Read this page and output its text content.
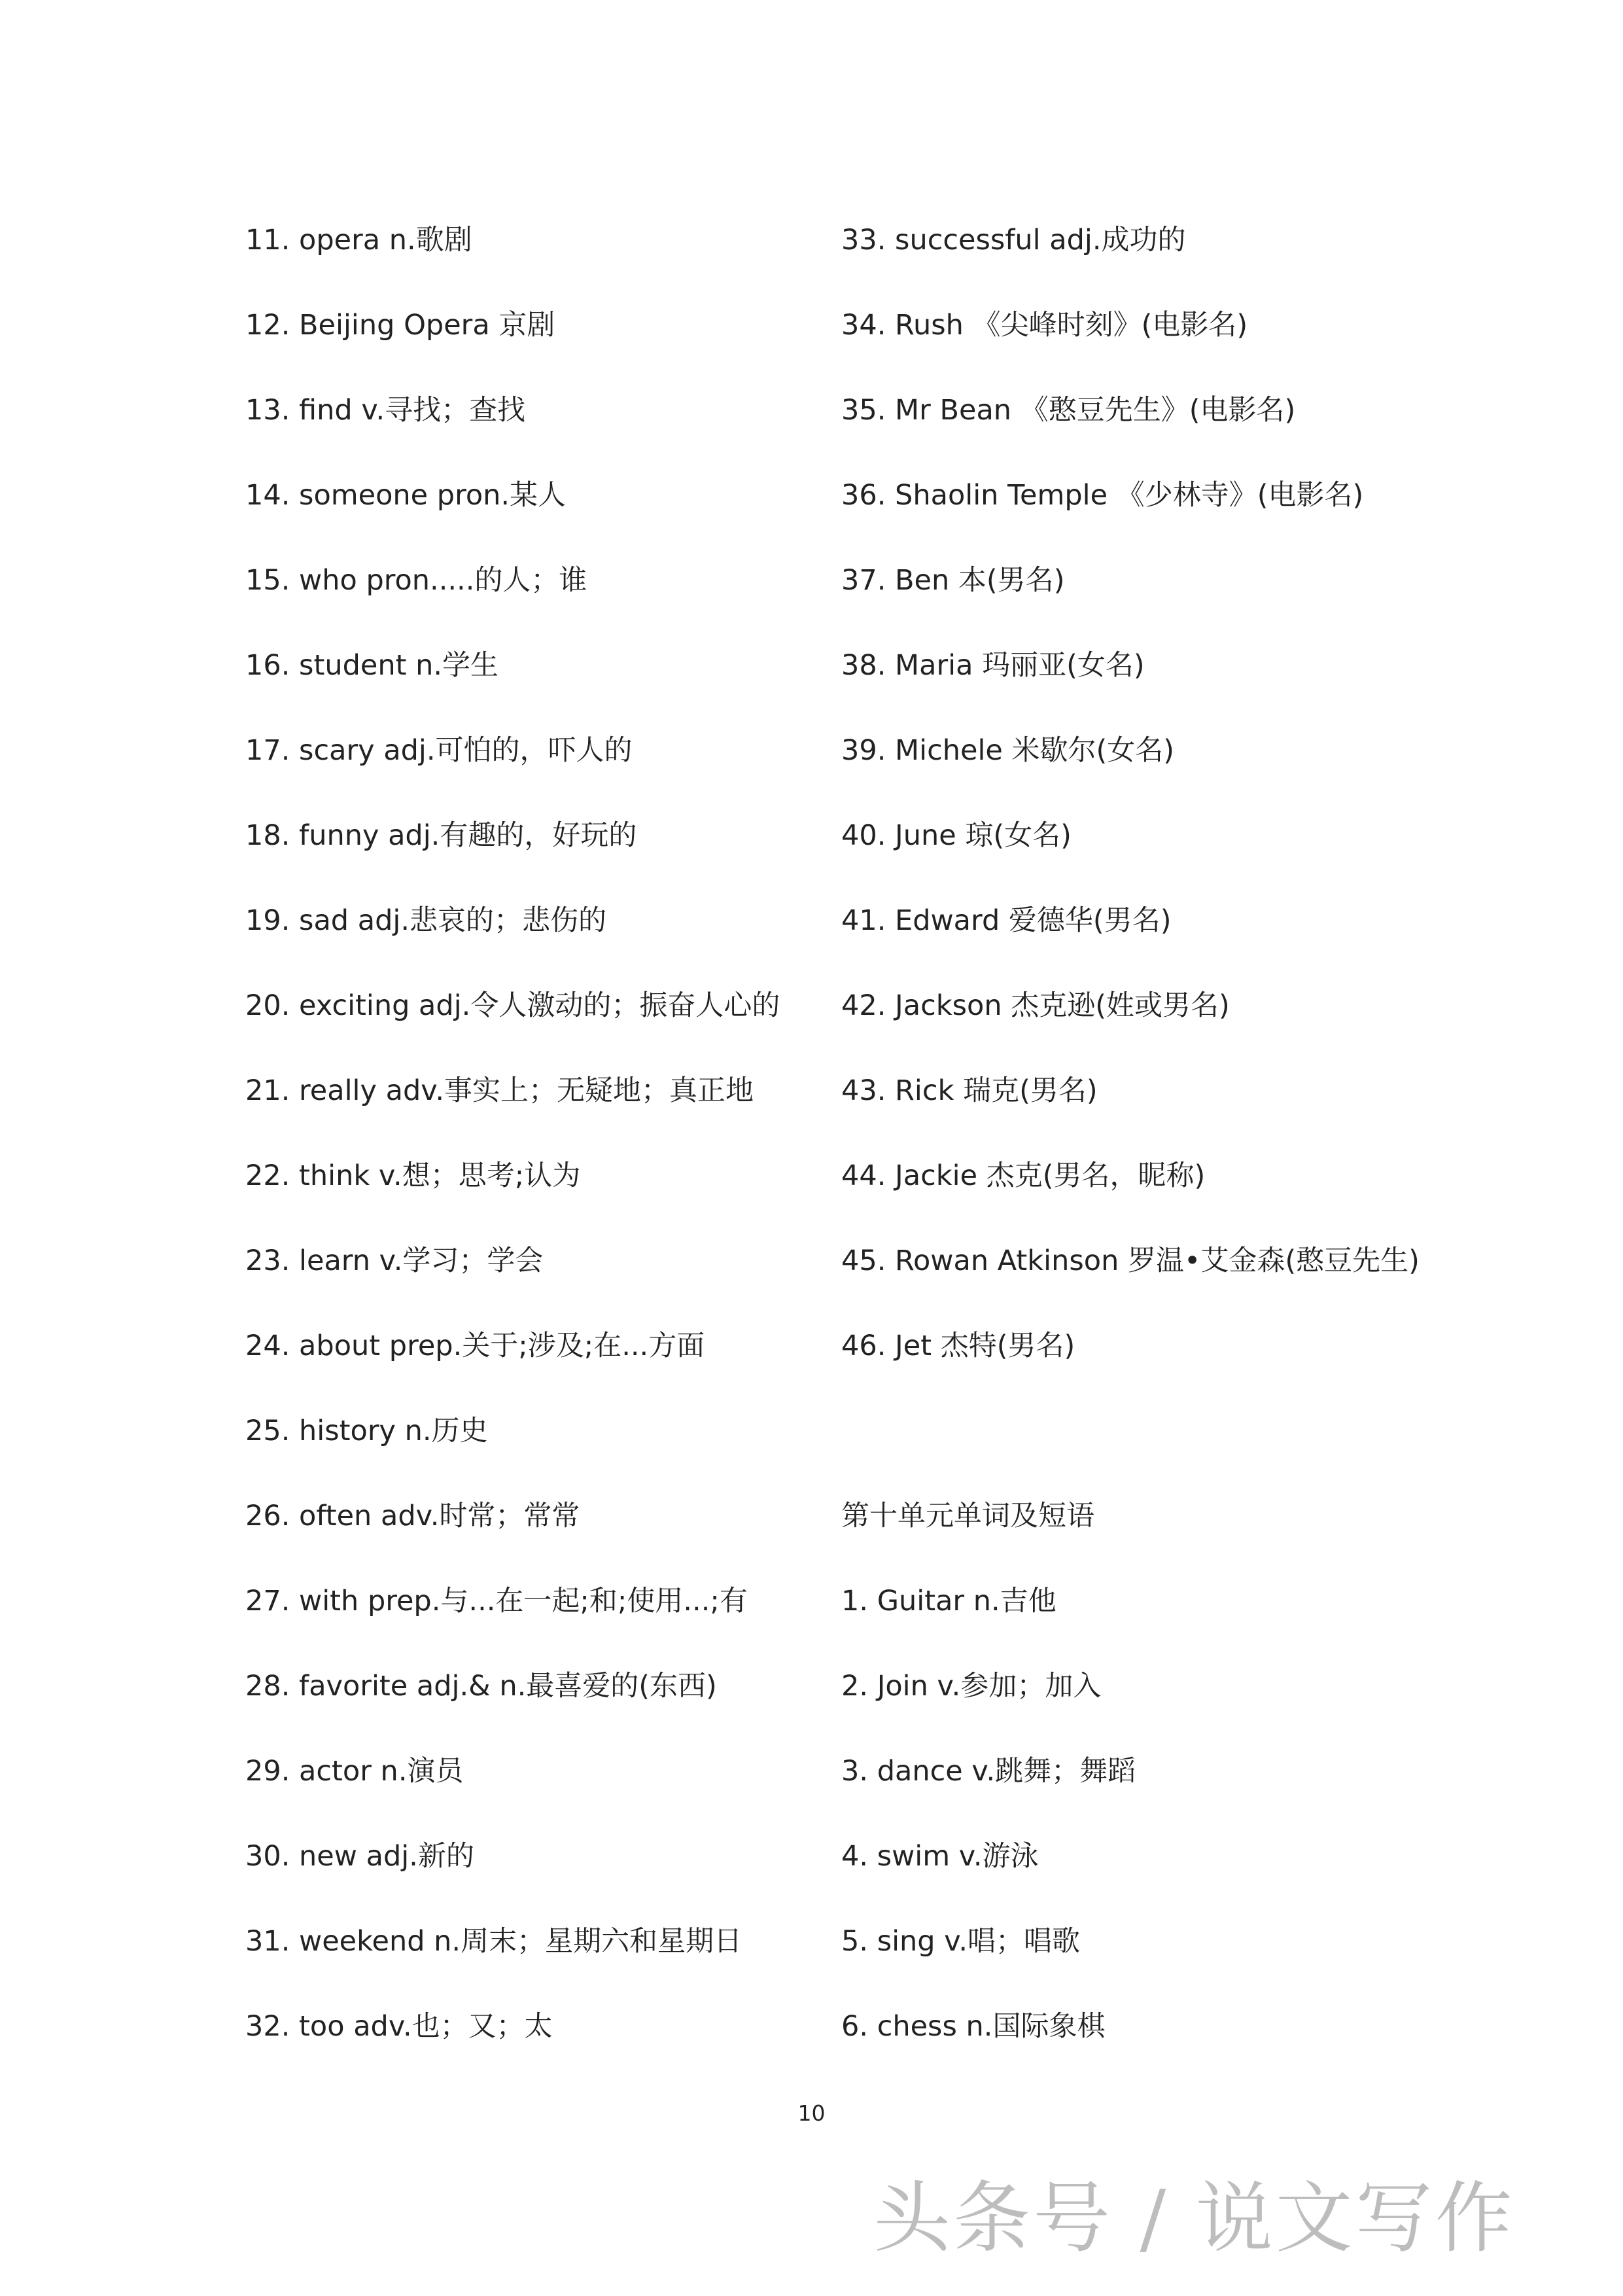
11. opera n.歌剧
12. Beijing Opera 京剧
13. find v.寻找；查找
14. someone pron.某人
15. who pron.....的人；谁
16. student n.学生
17. scary adj.可怕的，吓人的
18. funny adj.有趣的，好玩的
19. sad adj.悲哀的；悲伤的
20. exciting adj.令人激动的；振奋人心的
21. really adv.事实上；无疑地；真正地
22. think v.想；思考;认为
23. learn v.学习；学会
24. about prep.关于;涉及;在...方面
25. history n.历史
26. often adv.时常；常常
27. with prep.与...在一起;和;使用...;有
28. favorite adj.& n.最喜爱的(东西)
29. actor n.演员
30. new adj.新的
31. weekend n.周末；星期六和星期日
32. too adv.也；又；太
33. successful adj.成功的
34. Rush 《尖峰时刻》(电影名)
35. Mr Bean 《憨豆先生》(电影名)
36. Shaolin Temple 《少林寺》(电影名)
37. Ben 本(男名)
38. Maria 玛丽亚(女名)
39. Michele 米歇尔(女名)
40. June 琼(女名)
41. Edward 爱德华(男名)
42. Jackson 杰克逊(姓或男名)
43. Rick 瑞克(男名)
44. Jackie 杰克(男名，昵称)
45. Rowan Atkinson 罗温•艾金森(憨豆先生)
46. Jet 杰特(男名)
第十单元单词及短语
1. Guitar n.吉他
2. Join v.参加；加入
3. dance v.跳舞；舞蹈
4. swim v.游泳
5. sing v.唱；唱歌
6. chess n.国际象棋
10
头条号 / 说文写作
